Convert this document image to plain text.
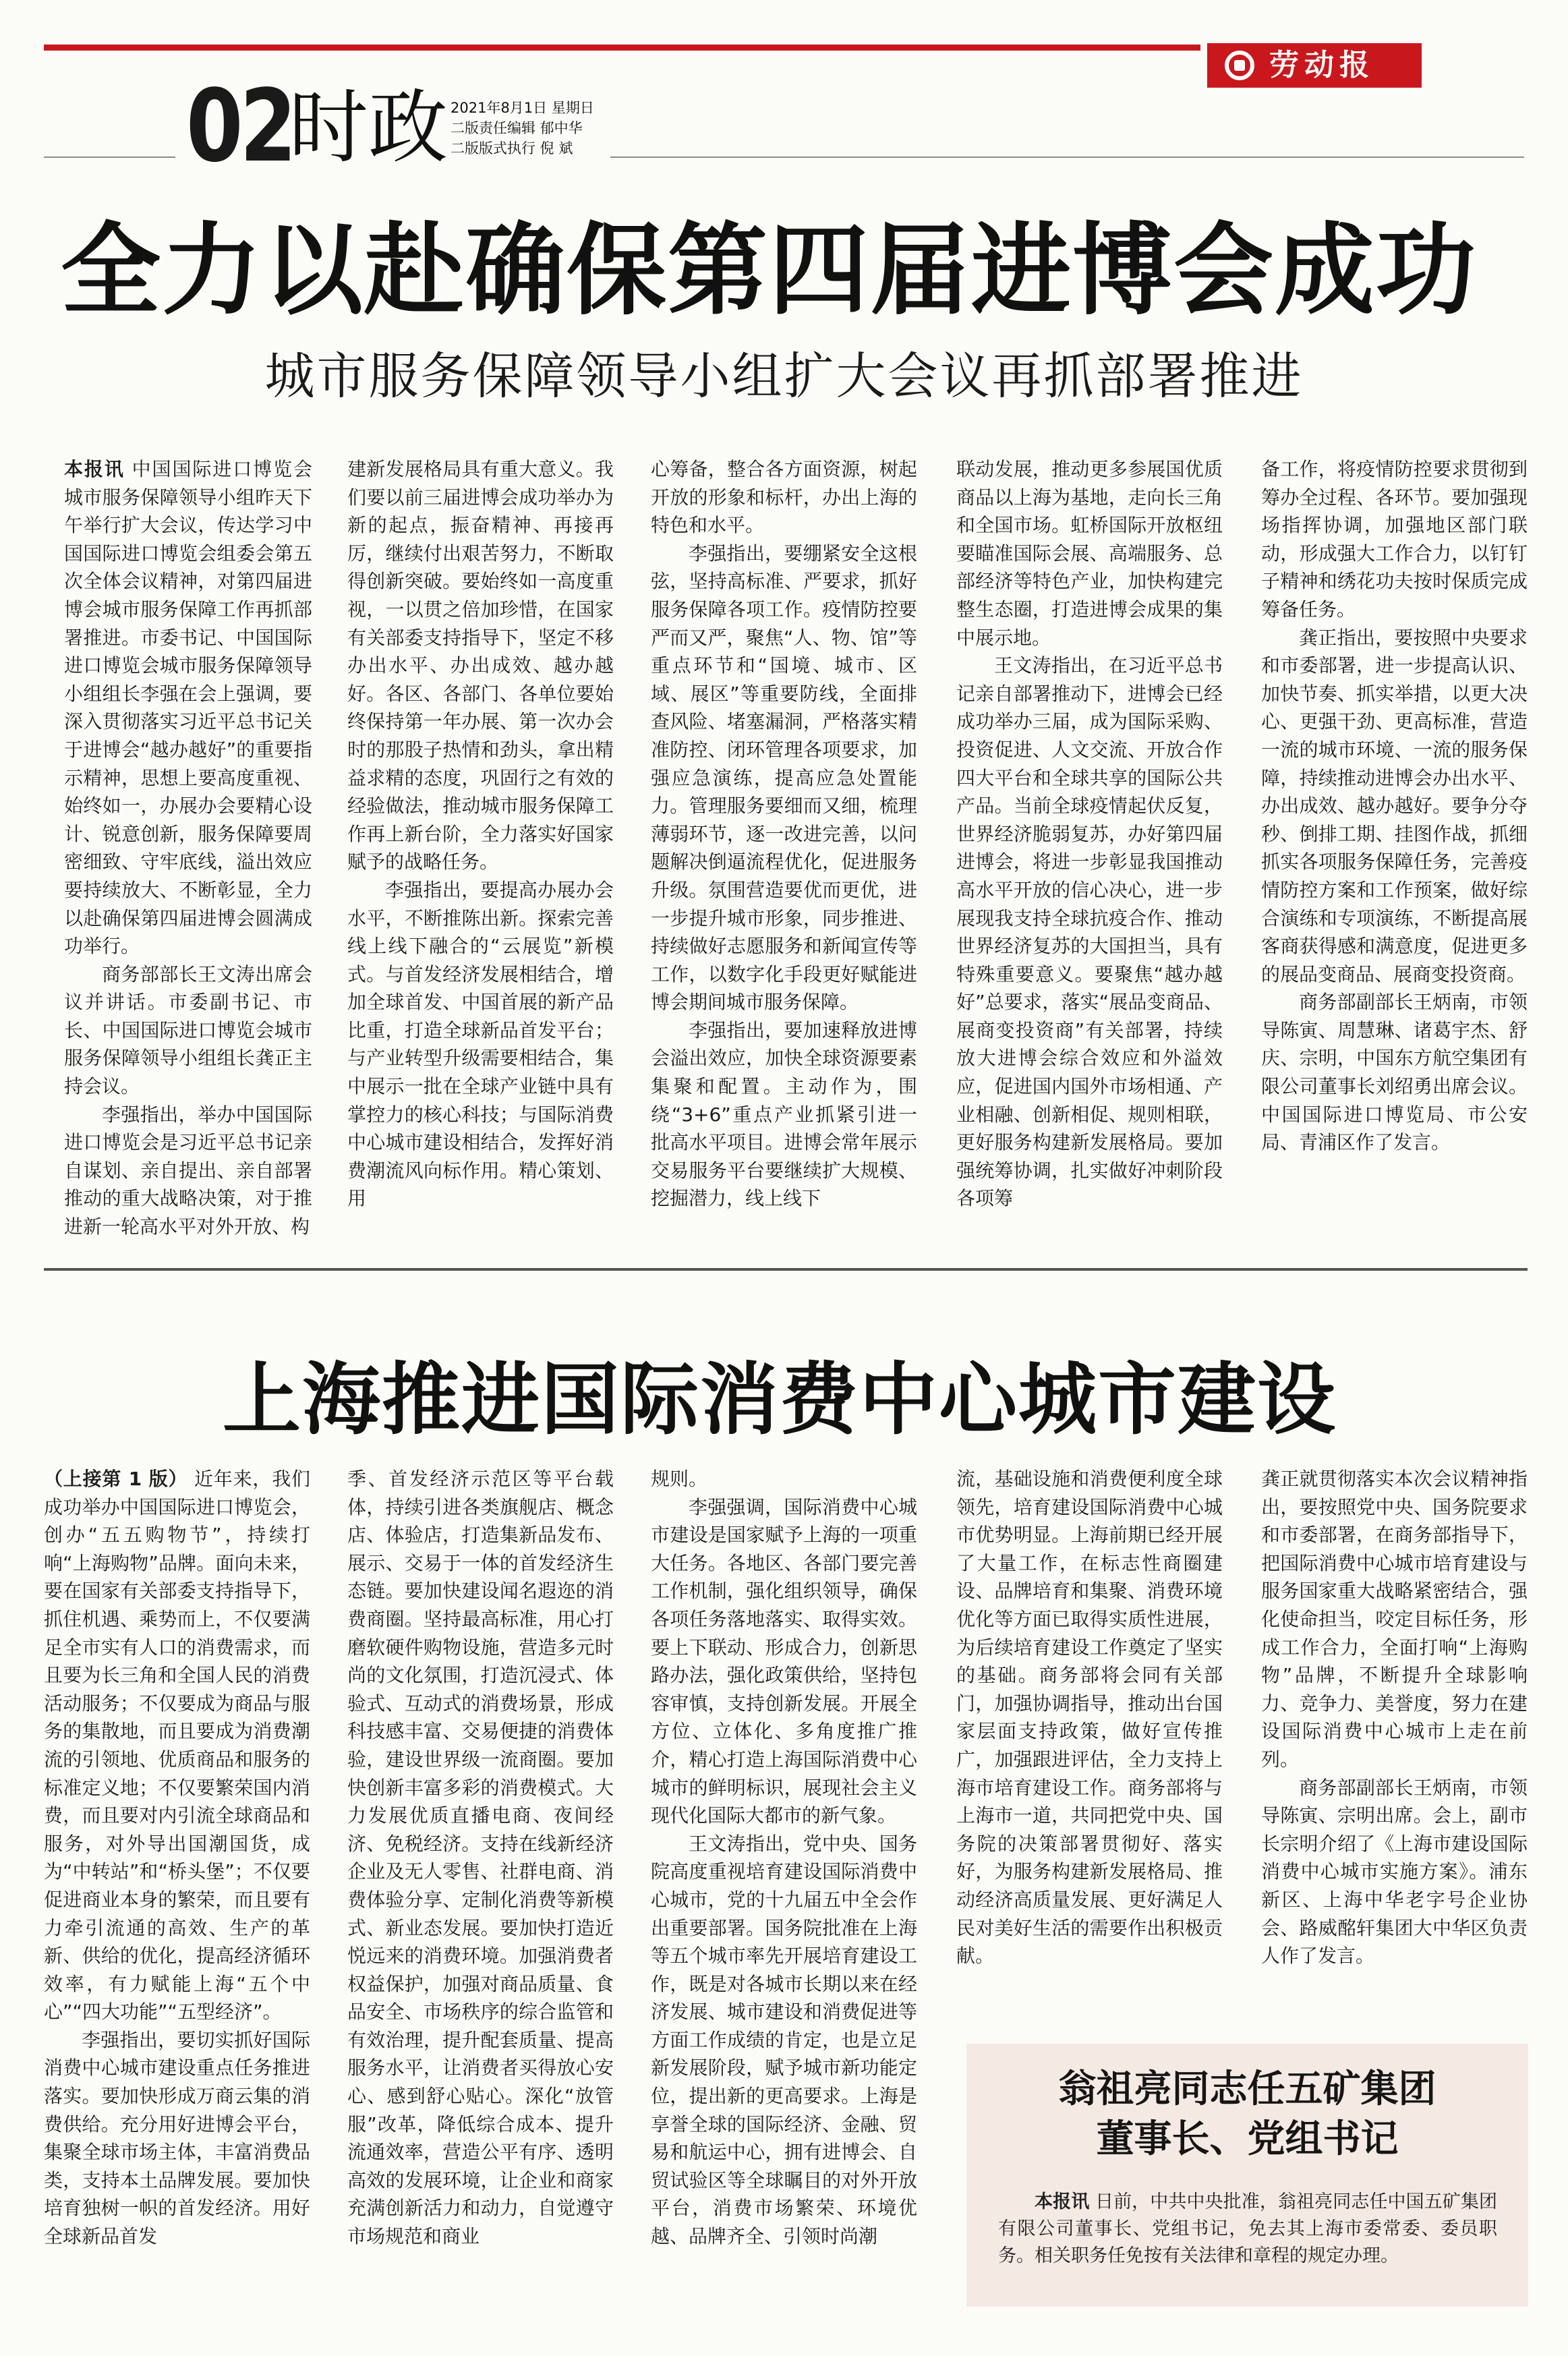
劳动报
02
时政 2021年8月1日 星期日
二版责任编辑 郁中华
二版版式执行 倪 斌
全力以赴确保第四届进博会成功
城市服务保障领导小组扩大会议再抓部署推进

本报讯 中国国际进口博览会城市服务保障领导小组昨天下午举行扩大会议，传达学习中国国际进口博览会组委会第五次全体会议精神，对第四届进博会城市服务保障工作再抓部署推进。市委书记、中国国际进口博览会城市服务保障领导小组组长李强在会上强调，要深入贯彻落实习近平总书记关于进博会“越办越好”的重要指示精神，思想上要高度重视、始终如一，办展办会要精心设计、锐意创新，服务保障要周密细致、守牢底线，溢出效应要持续放大、不断彰显，全力以赴确保第四届进博会圆满成功举行。

商务部部长王文涛出席会议并讲话。市委副书记、市长、中国国际进口博览会城市服务保障领导小组组长龚正主持会议。

李强指出，举办中国国际进口博览会是习近平总书记亲自谋划、亲自提出、亲自部署推动的重大战略决策，对于推进新一轮高水平对外开放、构

建新发展格局具有重大意义。我们要以前三届进博会成功举办为新的起点，振奋精神、再接再厉，继续付出艰苦努力，不断取得创新突破。要始终如一高度重视，一以贯之倍加珍惜，在国家有关部委支持指导下，坚定不移办出水平、办出成效、越办越好。各区、各部门、各单位要始终保持第一年办展、第一次办会时的那股子热情和劲头，拿出精益求精的态度，巩固行之有效的经验做法，推动城市服务保障工作再上新台阶，全力落实好国家赋予的战略任务。

李强指出，要提高办展办会水平，不断推陈出新。探索完善线上线下融合的“云展览”新模式。与首发经济发展相结合，增加全球首发、中国首展的新产品比重，打造全球新品首发平台；与产业转型升级需要相结合，集中展示一批在全球产业链中具有掌控力的核心科技；与国际消费中心城市建设相结合，发挥好消费潮流风向标作用。精心策划、用

心筹备，整合各方面资源，树起开放的形象和标杆，办出上海的特色和水平。

李强指出，要绷紧安全这根弦，坚持高标准、严要求，抓好服务保障各项工作。疫情防控要严而又严，聚焦“人、物、馆”等重点环节和“国境、城市、区域、展区”等重要防线，全面排查风险、堵塞漏洞，严格落实精准防控、闭环管理各项要求，加强应急演练，提高应急处置能力。管理服务要细而又细，梳理薄弱环节，逐一改进完善，以问题解决倒逼流程优化，促进服务升级。氛围营造要优而更优，进一步提升城市形象，同步推进、持续做好志愿服务和新闻宣传等工作，以数字化手段更好赋能进博会期间城市服务保障。

李强指出，要加速释放进博会溢出效应，加快全球资源要素集聚和配置。主动作为，围绕“3+6”重点产业抓紧引进一批高水平项目。进博会常年展示交易服务平台要继续扩大规模、挖掘潜力，线上线下

联动发展，推动更多参展国优质商品以上海为基地，走向长三角和全国市场。虹桥国际开放枢纽要瞄准国际会展、高端服务、总部经济等特色产业，加快构建完整生态圈，打造进博会成果的集中展示地。

王文涛指出，在习近平总书记亲自部署推动下，进博会已经成功举办三届，成为国际采购、投资促进、人文交流、开放合作四大平台和全球共享的国际公共产品。当前全球疫情起伏反复，世界经济脆弱复苏，办好第四届进博会，将进一步彰显我国推动高水平开放的信心决心，进一步展现我支持全球抗疫合作、推动世界经济复苏的大国担当，具有特殊重要意义。要聚焦“越办越好”总要求，落实“展品变商品、展商变投资商”有关部署，持续放大进博会综合效应和外溢效应，促进国内国外市场相通、产业相融、创新相促、规则相联，更好服务构建新发展格局。要加强统筹协调，扎实做好冲刺阶段各项筹

备工作，将疫情防控要求贯彻到筹办全过程、各环节。要加强现场指挥协调，加强地区部门联动，形成强大工作合力，以钉钉子精神和绣花功夫按时保质完成筹备任务。

龚正指出，要按照中央要求和市委部署，进一步提高认识、加快节奏、抓实举措，以更大决心、更强干劲、更高标准，营造一流的城市环境、一流的服务保障，持续推动进博会办出水平、办出成效、越办越好。要争分夺秒、倒排工期、挂图作战，抓细抓实各项服务保障任务，完善疫情防控方案和工作预案，做好综合演练和专项演练，不断提高展客商获得感和满意度，促进更多的展品变商品、展商变投资商。

商务部副部长王炳南，市领导陈寅、周慧琳、诸葛宇杰、舒庆、宗明，中国东方航空集团有限公司董事长刘绍勇出席会议。中国国际进口博览局、市公安局、青浦区作了发言。

上海推进国际消费中心城市建设

（上接第 1 版） 近年来，我们成功举办中国国际进口博览会，创办“五五购物节”，持续打响“上海购物”品牌。面向未来，要在国家有关部委支持指导下，抓住机遇、乘势而上，不仅要满足全市实有人口的消费需求，而且要为长三角和全国人民的消费活动服务；不仅要成为商品与服务的集散地，而且要成为消费潮流的引领地、优质商品和服务的标准定义地；不仅要繁荣国内消费，而且要对内引流全球商品和服务，对外导出国潮国货，成为“中转站”和“桥头堡”；不仅要促进商业本身的繁荣，而且要有力牵引流通的高效、生产的革新、供给的优化，提高经济循环效率，有力赋能上海“五个中心”“四大功能”“五型经济”。

李强指出，要切实抓好国际消费中心城市建设重点任务推进落实。要加快形成万商云集的消费供给。充分用好进博会平台，集聚全球市场主体，丰富消费品类，支持本土品牌发展。要加快培育独树一帜的首发经济。用好全球新品首发

季、首发经济示范区等平台载体，持续引进各类旗舰店、概念店、体验店，打造集新品发布、展示、交易于一体的首发经济生态链。要加快建设闻名遐迩的消费商圈。坚持最高标准，用心打磨软硬件购物设施，营造多元时尚的文化氛围，打造沉浸式、体验式、互动式的消费场景，形成科技感丰富、交易便捷的消费体验，建设世界级一流商圈。要加快创新丰富多彩的消费模式。大力发展优质直播电商、夜间经济、免税经济。支持在线新经济企业及无人零售、社群电商、消费体验分享、定制化消费等新模式、新业态发展。要加快打造近悦远来的消费环境。加强消费者权益保护，加强对商品质量、食品安全、市场秩序的综合监管和有效治理，提升配套质量、提高服务水平，让消费者买得放心安心、感到舒心贴心。深化“放管服”改革，降低综合成本、提升流通效率，营造公平有序、透明高效的发展环境，让企业和商家充满创新活力和动力，自觉遵守市场规范和商业

规则。

李强强调，国际消费中心城市建设是国家赋予上海的一项重大任务。各地区、各部门要完善工作机制，强化组织领导，确保各项任务落地落实、取得实效。要上下联动、形成合力，创新思路办法，强化政策供给，坚持包容审慎，支持创新发展。开展全方位、立体化、多角度推广推介，精心打造上海国际消费中心城市的鲜明标识，展现社会主义现代化国际大都市的新气象。

王文涛指出，党中央、国务院高度重视培育建设国际消费中心城市，党的十九届五中全会作出重要部署。国务院批准在上海等五个城市率先开展培育建设工作，既是对各城市长期以来在经济发展、城市建设和消费促进等方面工作成绩的肯定，也是立足新发展阶段，赋予城市新功能定位，提出新的更高要求。上海是享誉全球的国际经济、金融、贸易和航运中心，拥有进博会、自贸试验区等全球瞩目的对外开放平台，消费市场繁荣、环境优越、品牌齐全、引领时尚潮

流，基础设施和消费便利度全球领先，培育建设国际消费中心城市优势明显。上海前期已经开展了大量工作，在标志性商圈建设、品牌培育和集聚、消费环境优化等方面已取得实质性进展，为后续培育建设工作奠定了坚实的基础。商务部将会同有关部门，加强协调指导，推动出台国家层面支持政策，做好宣传推广，加强跟进评估，全力支持上海市培育建设工作。商务部将与上海市一道，共同把党中央、国务院的决策部署贯彻好、落实好，为服务构建新发展格局、推动经济高质量发展、更好满足人民对美好生活的需要作出积极贡献。

龚正就贯彻落实本次会议精神指出，要按照党中央、国务院要求和市委部署，在商务部指导下，把国际消费中心城市培育建设与服务国家重大战略紧密结合，强化使命担当，咬定目标任务，形成工作合力，全面打响“上海购物”品牌，不断提升全球影响力、竞争力、美誉度，努力在建设国际消费中心城市上走在前列。

商务部副部长王炳南，市领导陈寅、宗明出席。会上，副市长宗明介绍了《上海市建设国际消费中心城市实施方案》。浦东新区、上海中华老字号企业协会、路威酩轩集团大中华区负责人作了发言。

翁祖亮同志任五矿集团
董事长、党组书记

本报讯 日前，中共中央批准，翁祖亮同志任中国五矿集团有限公司董事长、党组书记，免去其上海市委常委、委员职务。相关职务任免按有关法律和章程的规定办理。
